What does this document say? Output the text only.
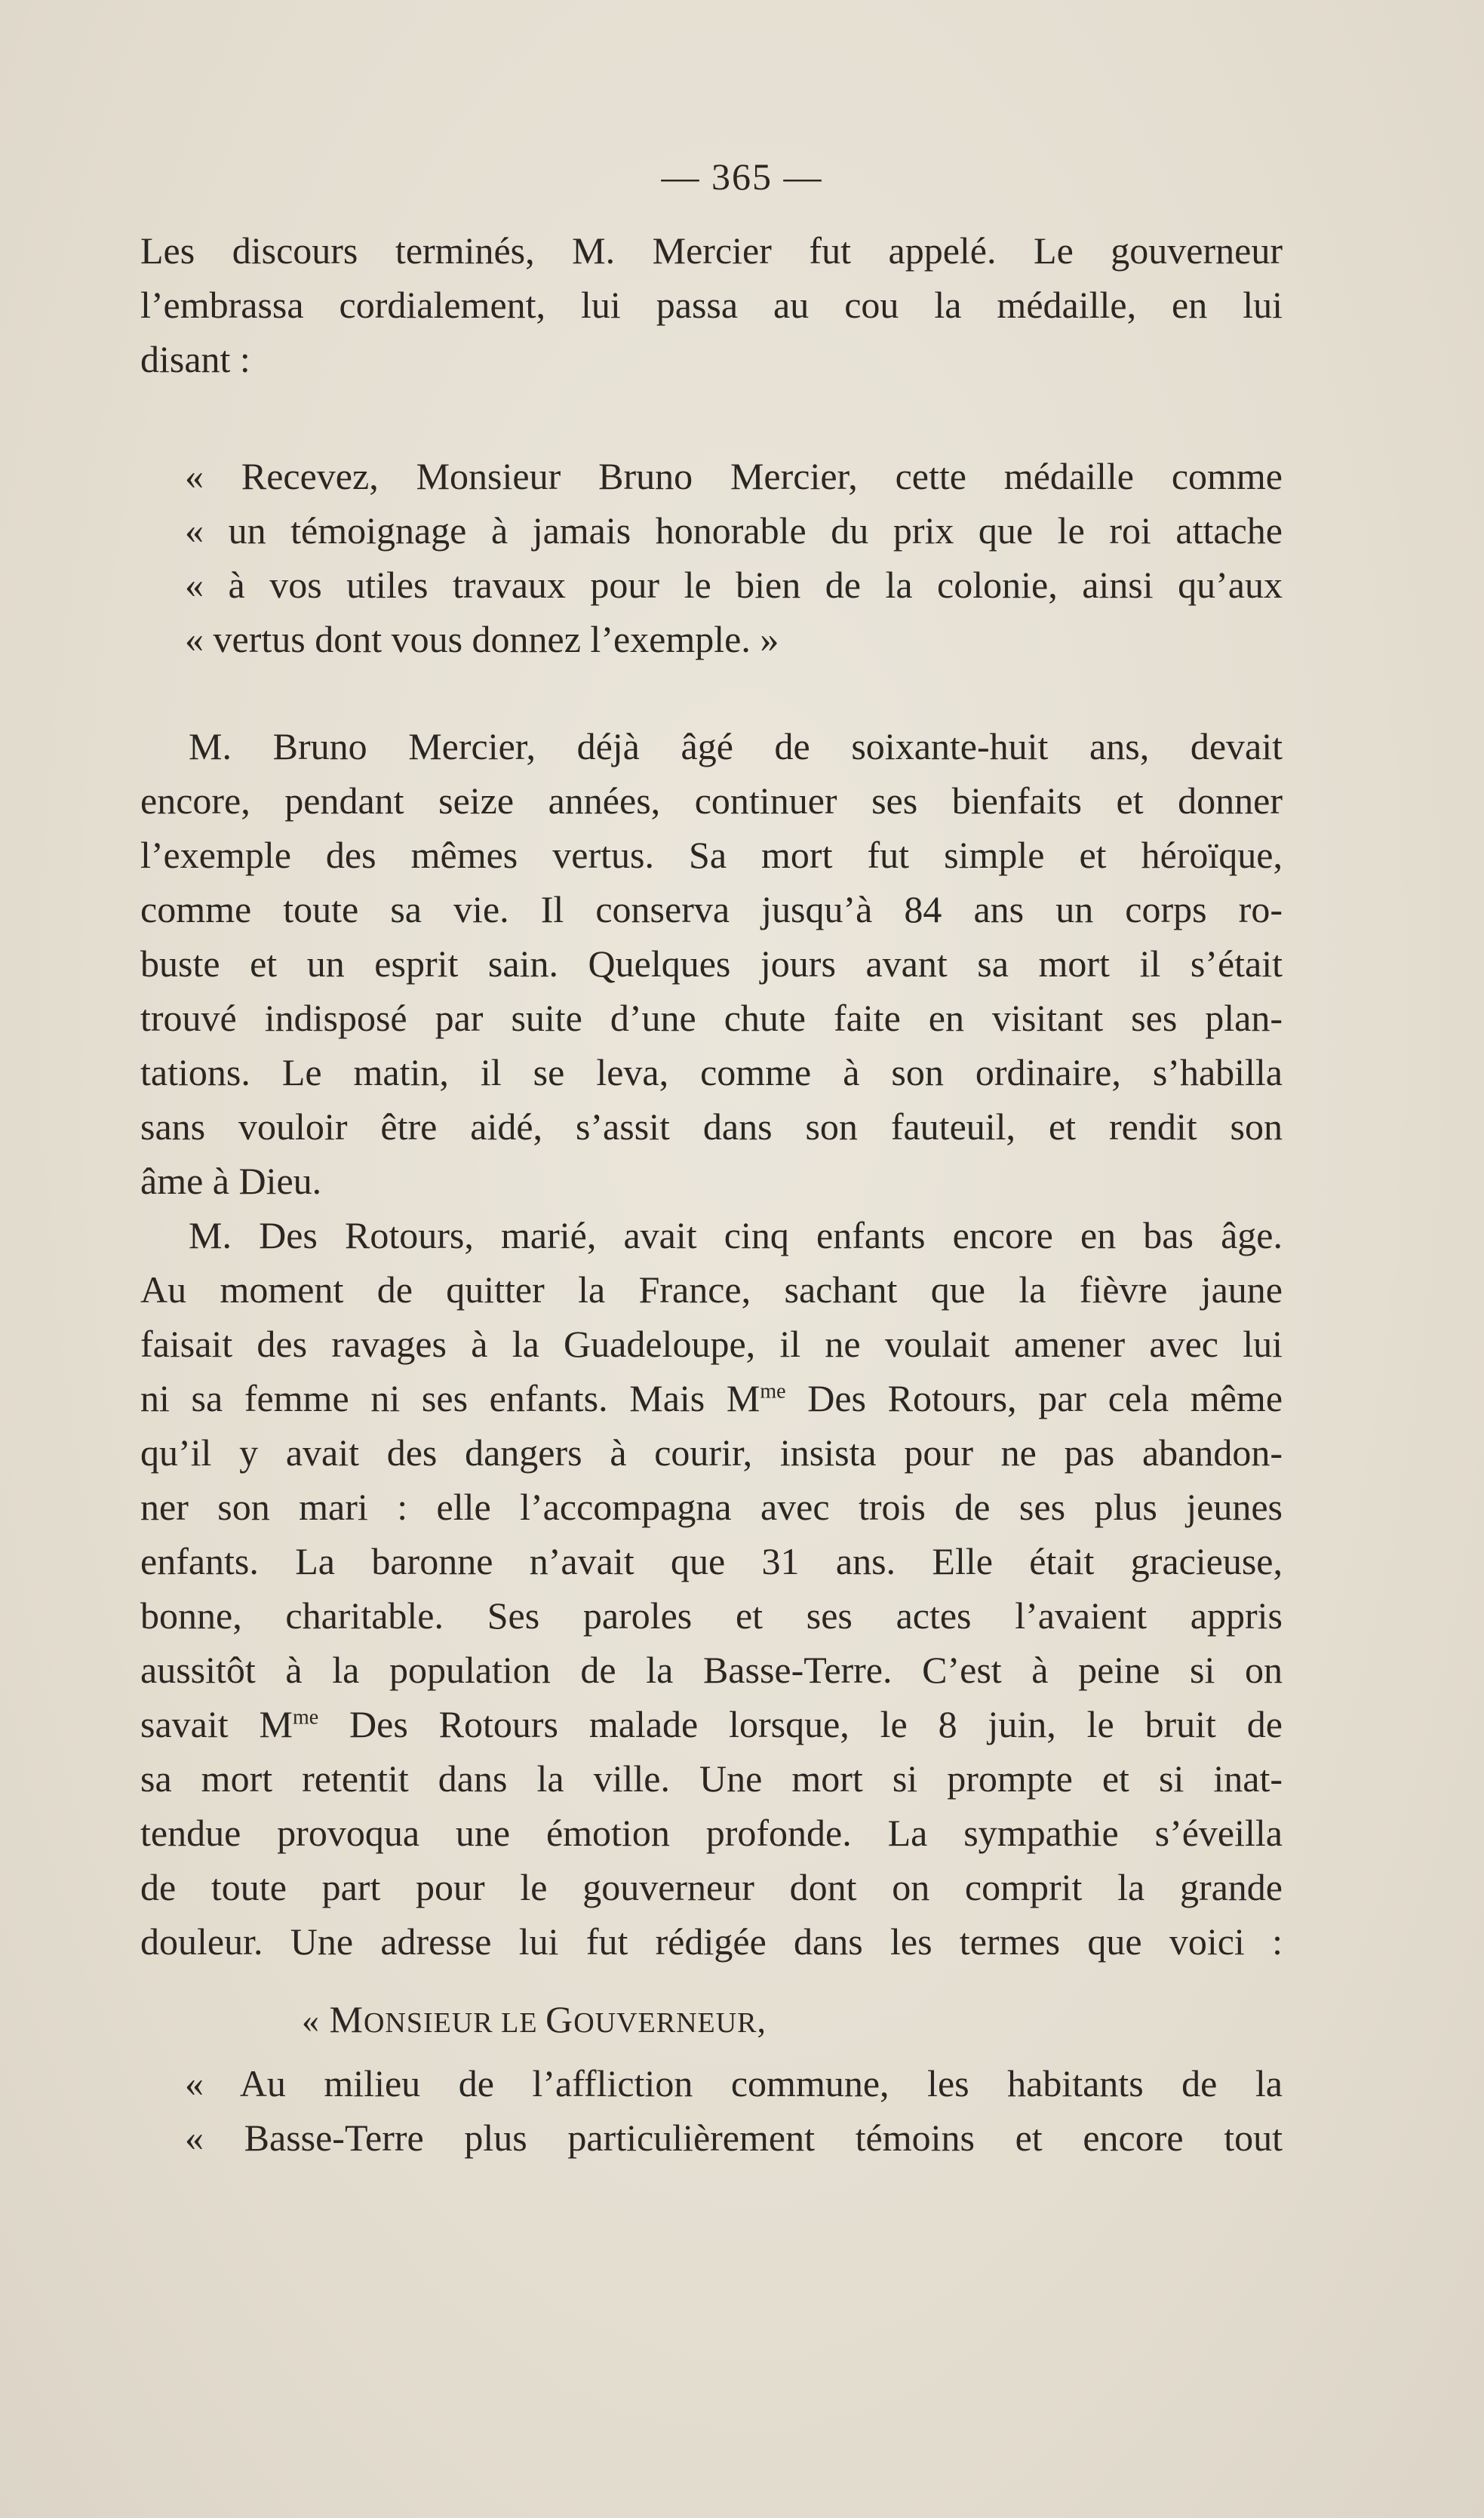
— 365 —
Les discours terminés, M. Mercier fut appelé. Le gouverneur
l’embrassa cordialement, lui passa au cou la médaille, en lui
disant :
« Recevez, Monsieur Bruno Mercier, cette médaille comme
« un témoignage à jamais honorable du prix que le roi attache
« à vos utiles travaux pour le bien de la colonie, ainsi qu’aux
« vertus dont vous donnez l’exemple. »
M. Bruno Mercier, déjà âgé de soixante-huit ans, devait
encore, pendant seize années, continuer ses bienfaits et donner
l’exemple des mêmes vertus. Sa mort fut simple et héroïque,
comme toute sa vie. Il conserva jusqu’à 84 ans un corps ro-
buste et un esprit sain. Quelques jours avant sa mort il s’était
trouvé indisposé par suite d’une chute faite en visitant ses plan-
tations. Le matin, il se leva, comme à son ordinaire, s’habilla
sans vouloir être aidé, s’assit dans son fauteuil, et rendit son
âme à Dieu.
M. Des Rotours, marié, avait cinq enfants encore en bas âge.
Au moment de quitter la France, sachant que la fièvre jaune
faisait des ravages à la Guadeloupe, il ne voulait amener avec lui
ni sa femme ni ses enfants. Mais $M^{me}$ Des Rotours, par cela même
qu’il y avait des dangers à courir, insista pour ne pas abandon-
ner son mari : elle l’accompagna avec trois de ses plus jeunes
enfants. La baronne n’avait que 31 ans. Elle était gracieuse,
bonne, charitable. Ses paroles et ses actes l’avaient appris
aussitôt à la population de la Basse-Terre. C’est à peine si on
savait $M^{me}$ Des Rotours malade lorsque, le 8 juin, le bruit de
sa mort retentit dans la ville. Une mort si prompte et si inat-
tendue provoqua une émotion profonde. La sympathie s’éveilla
de toute part pour le gouverneur dont on comprit la grande
douleur. Une adresse lui fut rédigée dans les termes que voici :
« MONSIEUR LE GOUVERNEUR,
« Au milieu de l’affliction commune, les habitants de la
« Basse-Terre plus particulièrement témoins et encore tout
